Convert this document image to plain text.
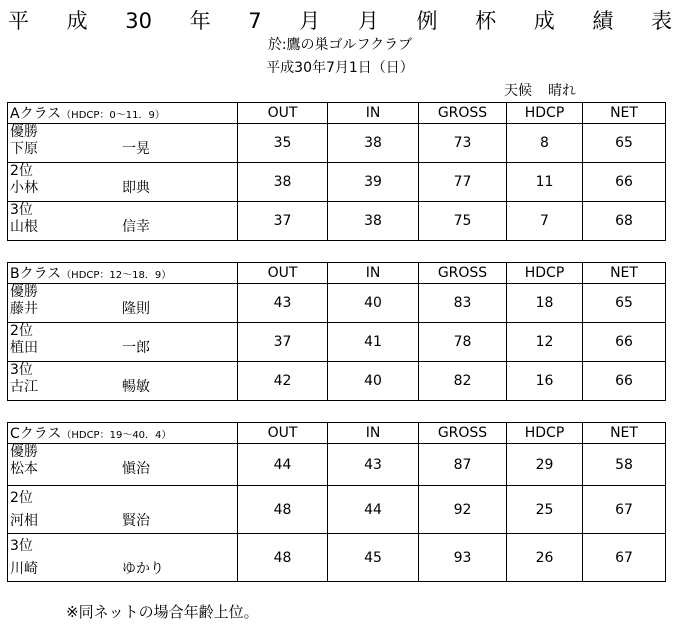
平 成 30 年 7 月 月 例 杯 成 績 表
於:鷹の巣ゴルフクラブ
平成30年7月1日（日）
天候 晴れ
Aクラス（HDCP：0～11．9）	OUT	IN	GROSS	HDCP	NET

優勝
下原 一晃	35	38	73	8	65

2位
小林 即典	38	39	77	11	66

3位
山根 信幸	37	38	75	7	68
Bクラス（HDCP：12～18．9）	OUT	IN	GROSS	HDCP	NET

優勝
藤井 隆則	43	40	83	18	65

2位
植田 一郎	37	41	78	12	66

3位
古江 暢敏	42	40	82	16	66
Cクラス（HDCP：19～40．4）	OUT	IN	GROSS	HDCP	NET

優勝
松本 愼治	44	43	87	29	58

2位
河相 賢治	48	44	92	25	67

3位
川崎 ゆかり	48	45	93	26	67
※同ネットの場合年齢上位。
